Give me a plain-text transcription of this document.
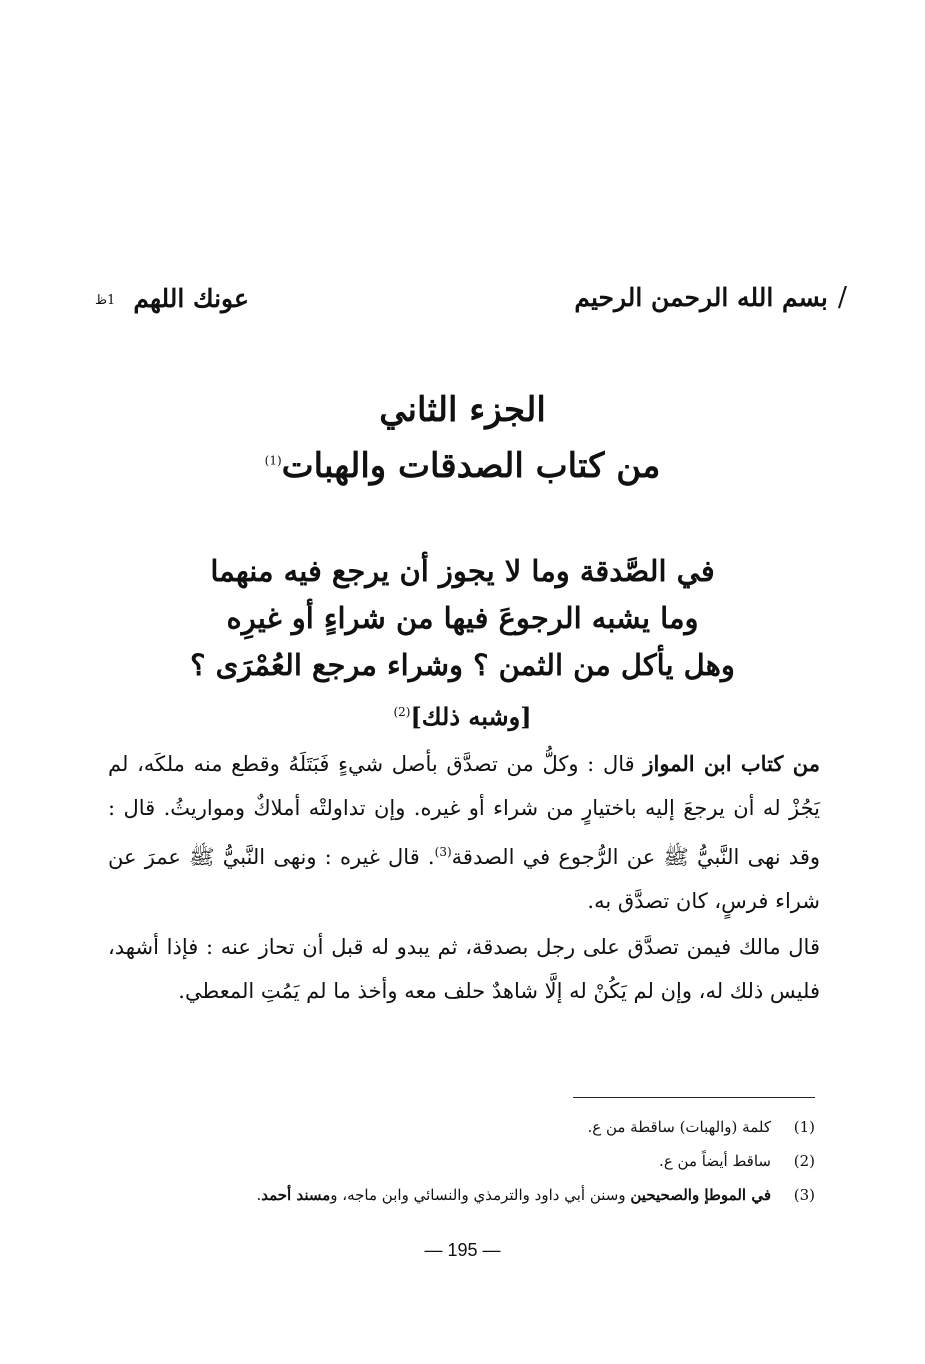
/بسم الله الرحمن الرحيم
عونك اللهم1ظ
الجزء الثاني
من كتاب الصدقات والهبات$^{(1)}$
في الصَّدقة وما لا يجوز أن يرجع فيه منهما
وما يشبه الرجوعَ فيها من شراءٍ أو غيرِه
وهل يأكل من الثمن ؟ وشراء مرجع العُمْرَى ؟
[وشبه ذلك]$^{(2)}$
من كتاب ابن المواز قال : وكلُّ من تصدَّق بأصل شيءٍ فَبَتَلَهُ وقطع منه ملكَه، لم يَجُزْ له أن يرجعَ إليه باختيارٍ من شراء أو غيره. وإن تداولتْه أملاكٌ ومواريثُ. قال : وقد نهى النَّبيُّ ﷺ عن الرُّجوع في الصدقة$^{(3)}$. قال غيره : ونهى النَّبيُّ ﷺ عمرَ عن شراء فرسٍ، كان تصدَّق به.
قال مالك فيمن تصدَّق على رجل بصدقة، ثم يبدو له قبل أن تحاز عنه : فإذا أشهد، فليس ذلك له، وإن لم يَكُنْ له إلَّا شاهدٌ حلف معه وأخذ ما لم يَمُتِ المعطي.
(1)كلمة (والهبات) ساقطة من ع.
(2)ساقط أيضاً من ع.
(3)في الموطإ والصحيحين وسنن أبي داود والترمذي والنسائي وابن ماجه، ومسند أحمد.
— 195 —
